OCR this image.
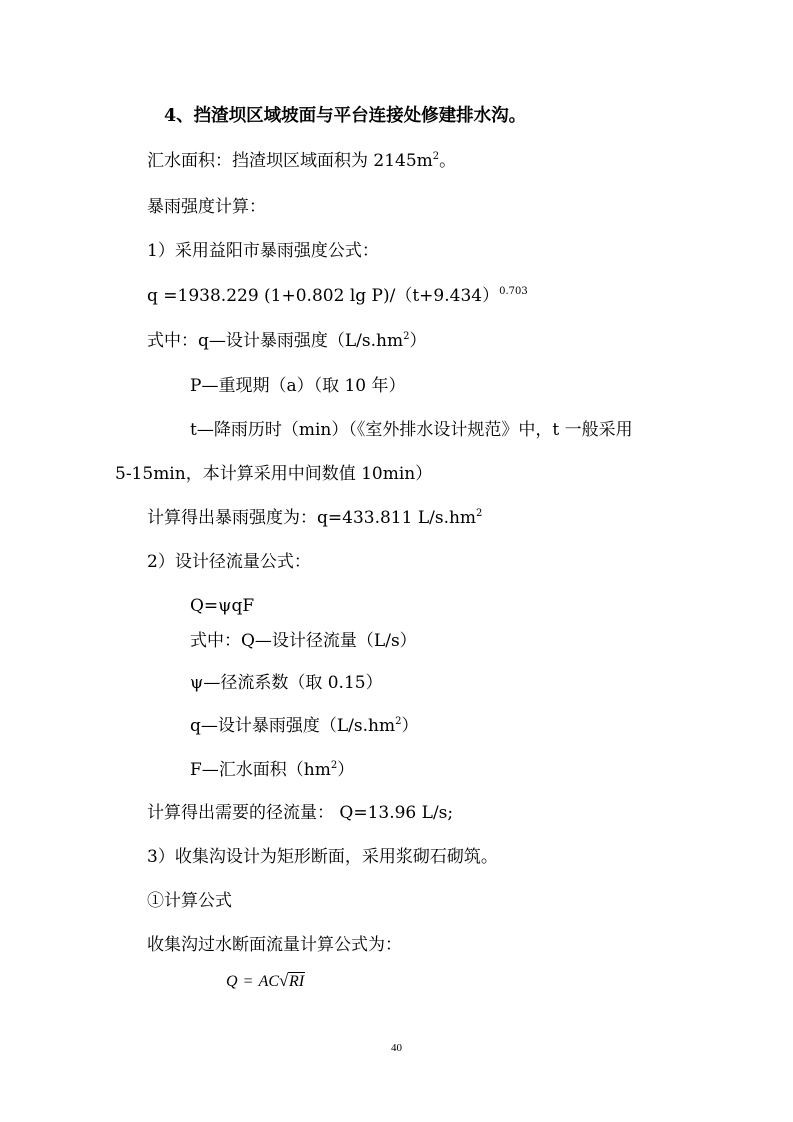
4、挡渣坝区域坡面与平台连接处修建排水沟。
汇水面积：挡渣坝区域面积为 $2145m^2$。
暴雨强度计算：
1）采用益阳市暴雨强度公式：
q =1938.229 (1+0.802 $\lg P)/(t+9.434)^{0.703}$
式中：q—设计暴雨强度$(L/s.hm^2)$
P—重现期（a）（取 10 年）
t—降雨历时（min）（《室外排水设计规范》中，t 一般采用
5-15min，本计算采用中间数值 10min）
计算得出暴雨强度为：q=433.811 $L/s.hm^2$
2）设计径流量公式：
Q=ψqF
式中：Q—设计径流量（L/s）
ψ—径流系数（取 0.15）
q—设计暴雨强度$(L/s.hm^2)$
F—汇水面积$(hm^2)$
计算得出需要的径流量： Q=13.96 L/s;
3）收集沟设计为矩形断面，采用浆砌石砌筑。
①计算公式
收集沟过水断面流量计算公式为：
Q = AC √ RI
40
